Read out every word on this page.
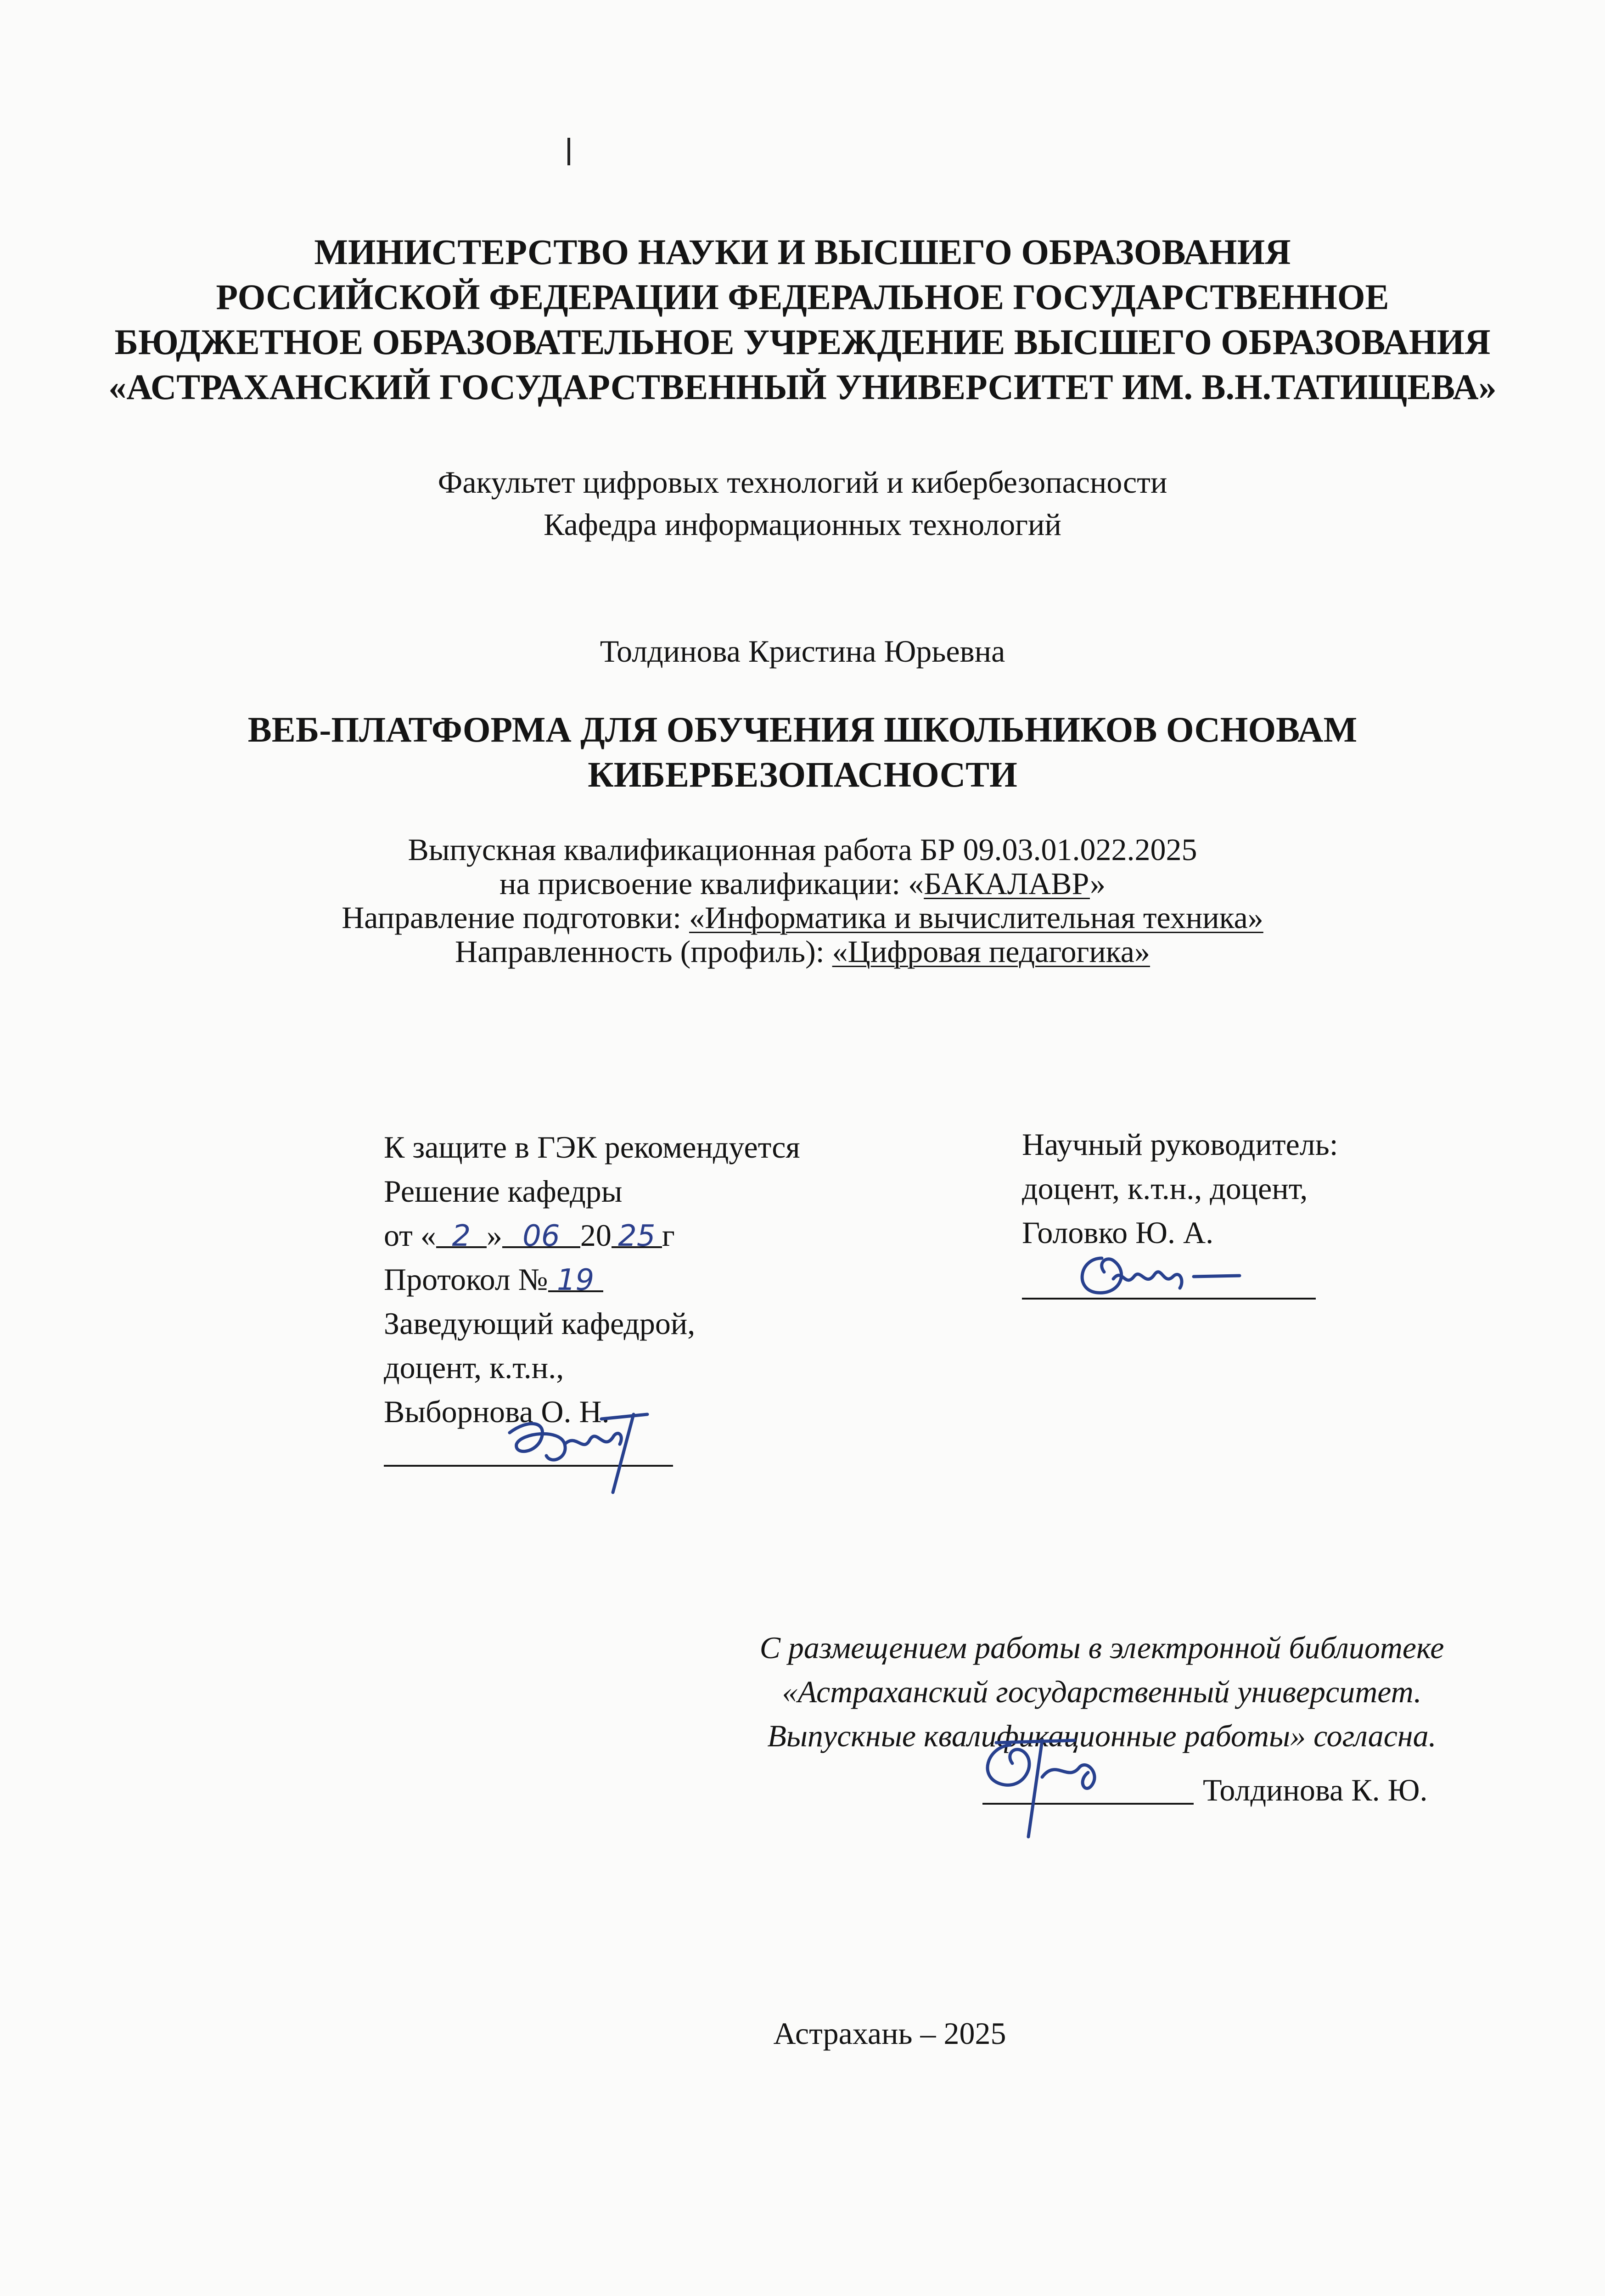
МИНИСТЕРСТВО НАУКИ И ВЫСШЕГО ОБРАЗОВАНИЯ
РОССИЙСКОЙ ФЕДЕРАЦИИ ФЕДЕРАЛЬНОЕ ГОСУДАРСТВЕННОЕ
БЮДЖЕТНОЕ ОБРАЗОВАТЕЛЬНОЕ УЧРЕЖДЕНИЕ ВЫСШЕГО ОБРАЗОВАНИЯ
«АСТРАХАНСКИЙ ГОСУДАРСТВЕННЫЙ УНИВЕРСИТЕТ ИМ. В.Н.ТАТИЩЕВА»
Факультет цифровых технологий и кибербезопасности
Кафедра информационных технологий
Толдинова Кристина Юрьевна
ВЕБ-ПЛАТФОРМА ДЛЯ ОБУЧЕНИЯ ШКОЛЬНИКОВ ОСНОВАМ
КИБЕРБЕЗОПАСНОСТИ
Выпускная квалификационная работа БР 09.03.01.022.2025
на присвоение квалификации: «БАКАЛАВР»
Направление подготовки: «Информатика и вычислительная техника»
Направленность (профиль): «Цифровая педагогика»
К защите в ГЭК рекомендуется
Решение кафедры
от « 2 » 06 20 25 г
Протокол № 19
Заведующий кафедрой,
доцент, к.т.н.,
Выборнова О. Н.
Научный руководитель:
доцент, к.т.н., доцент,
Головко Ю. А.
С размещением работы в электронной библиотеке
«Астраханский государственный университет.
Выпускные квалификационные работы» согласна.
Толдинова К. Ю.
Астрахань – 2025
